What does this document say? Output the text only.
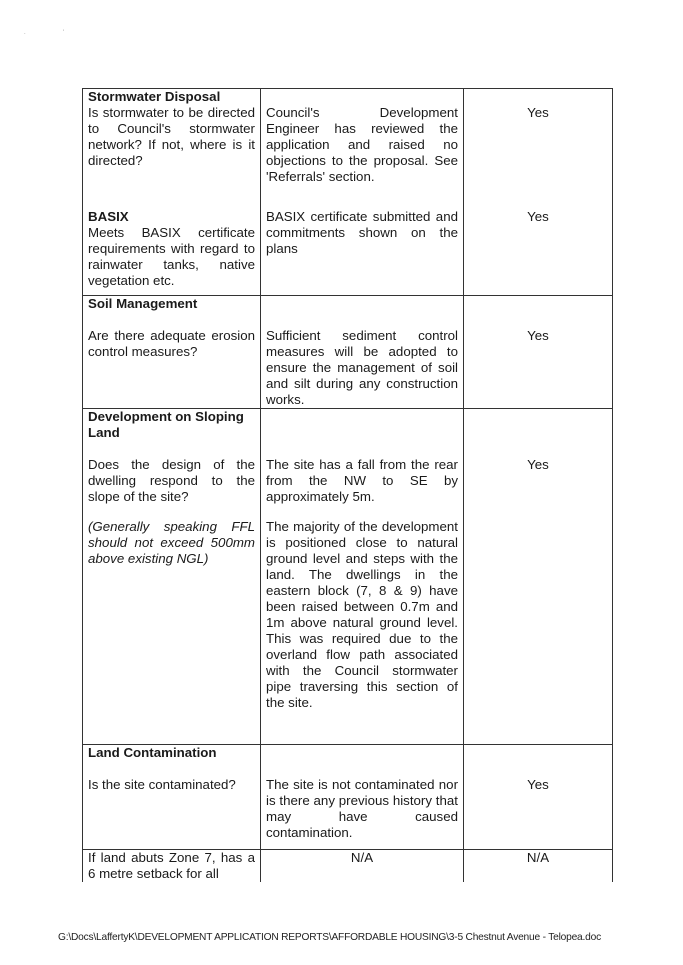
.	'
Stormwater Disposal
Is stormwater to be directed to Council's stormwater network? If not, where is it directed?	Council's Development Engineer has reviewed the application and raised no objections to the proposal. See 'Referrals' section.	Yes

BASIX
Meets BASIX certificate requirements with regard to rainwater tanks, native vegetation etc.	BASIX certificate submitted and commitments shown on the plans	Yes

Soil Management
Are there adequate erosion control measures?	Sufficient sediment control measures will be adopted to ensure the management of soil and silt during any construction works.	Yes

Development on Sloping Land
Does the design of the dwelling respond to the slope of the site?	The site has a fall from the rear from the NW to SE by approximately 5m.	Yes

(Generally speaking FFL should not exceed 500mm above existing NGL)	The majority of the development is positioned close to natural ground level and steps with the land. The dwellings in the eastern block (7, 8 & 9) have been raised between 0.7m and 1m above natural ground level. This was required due to the overland flow path associated with the Council stormwater pipe traversing this section of the site.	

Land Contamination
Is the site contaminated?	The site is not contaminated nor is there any previous history that may have caused contamination.	Yes

If land abuts Zone 7, has a 6 metre setback for all	N/A	N/A
G:\Docs\LaffertyK\DEVELOPMENT APPLICATION REPORTS\AFFORDABLE HOUSING\3-5 Chestnut Avenue - Telopea.doc
